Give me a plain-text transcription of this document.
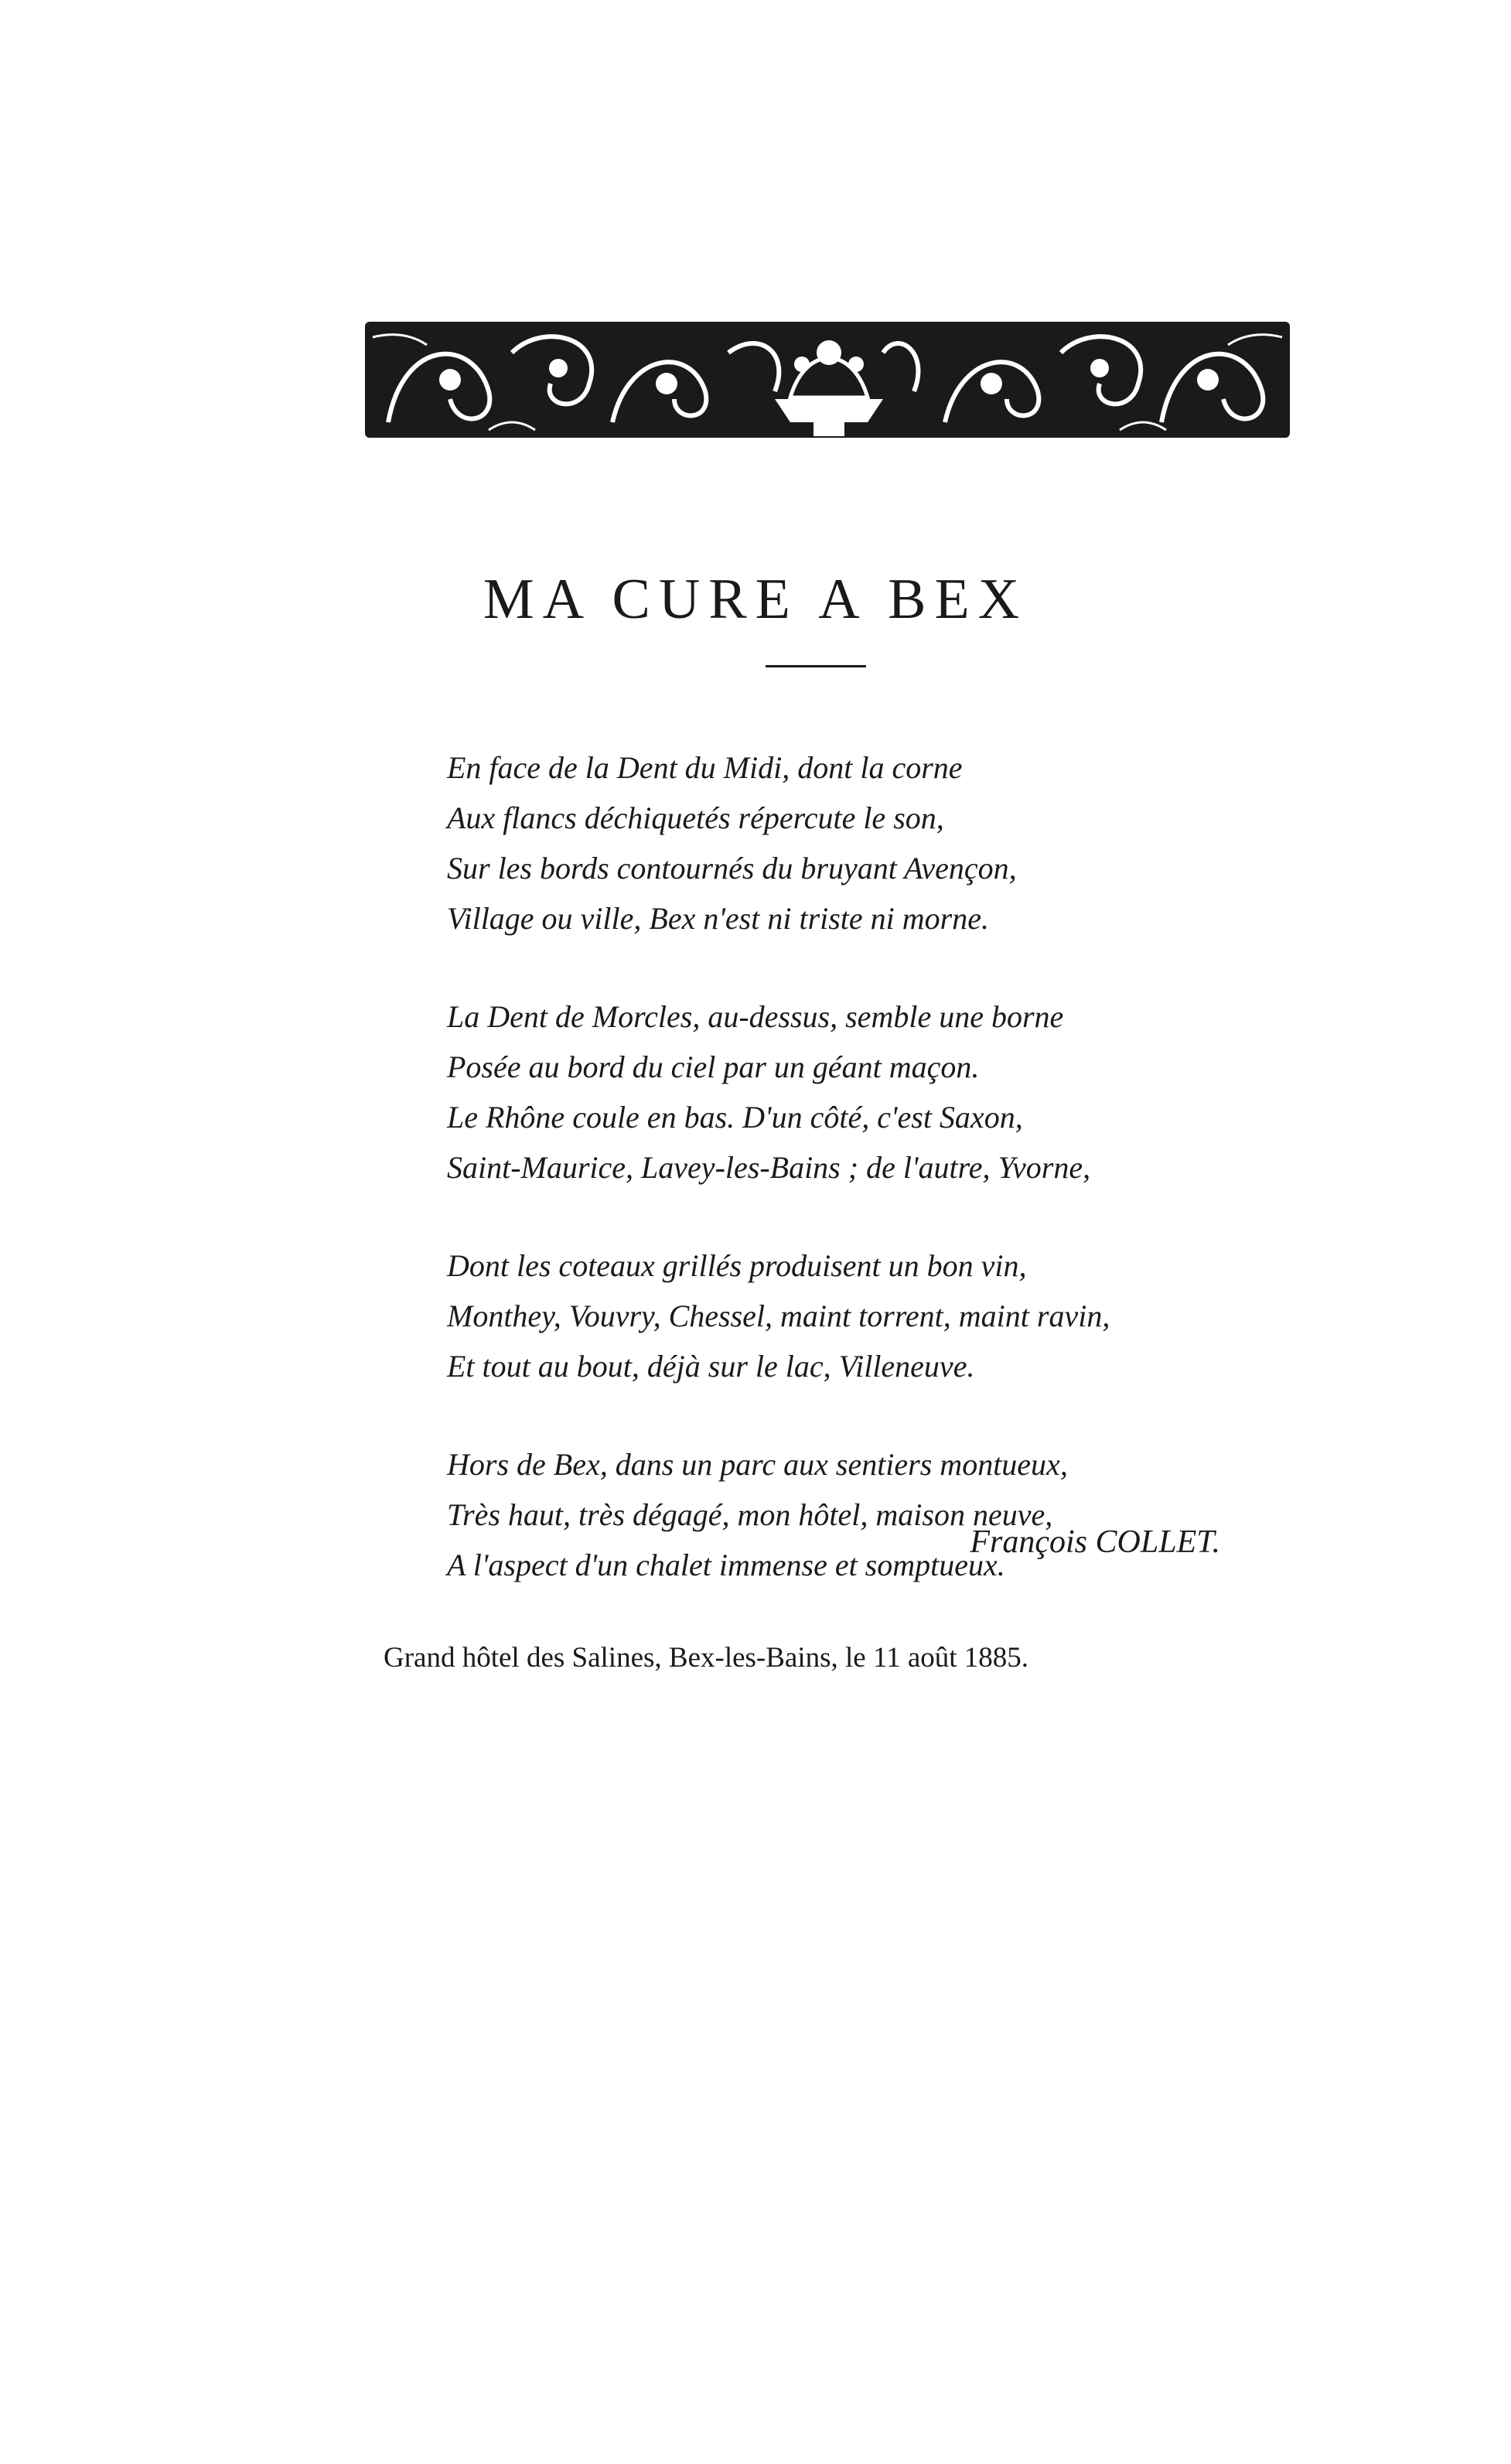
MA CURE A BEX
En face de la Dent du Midi, dont la corne
Aux flancs déchiquetés répercute le son,
Sur les bords contournés du bruyant Avençon,
Village ou ville, Bex n'est ni triste ni morne.
La Dent de Morcles, au-dessus, semble une borne
Posée au bord du ciel par un géant maçon.
Le Rhône coule en bas. D'un côté, c'est Saxon,
Saint-Maurice, Lavey-les-Bains ; de l'autre, Yvorne,
Dont les coteaux grillés produisent un bon vin,
Monthey, Vouvry, Chessel, maint torrent, maint ravin,
Et tout au bout, déjà sur le lac, Villeneuve.
Hors de Bex, dans un parc aux sentiers montueux,
Très haut, très dégagé, mon hôtel, maison neuve,
A l'aspect d'un chalet immense et somptueux.
François COLLET.
Grand hôtel des Salines, Bex-les-Bains, le 11 août 1885.
